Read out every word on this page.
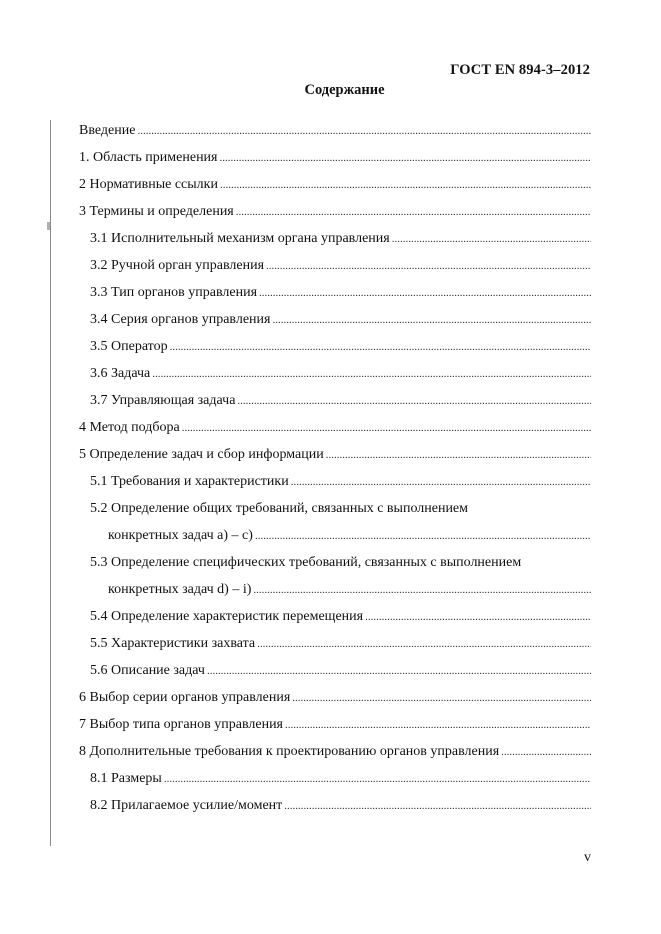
ГОСТ EN 894-3–2012
Содержание
Введение
.....
1. Область применения
.....
2 Нормативные ссылки
.....
3 Термины и определения
.....
3.1 Исполнительный механизм органа управления
.....
3.2 Ручной орган управления
.....
3.3 Тип органов управления
.....
3.4 Серия органов управления
.....
3.5 Оператор
.....
3.6 Задача
.....
3.7 Управляющая задача
.....
4 Метод подбора
.....
5 Определение задач и сбор информации
.....
5.1 Требования и характеристики
.....
5.2 Определение общих требований, связанных с выполнением
конкретных задач a) – c)
.....
5.3 Определение специфических требований, связанных с выполнением
конкретных задач d) – i)
.....
5.4 Определение характеристик перемещения
.....
5.5 Характеристики захвата
.....
5.6 Описание задач
.....
6 Выбор серии органов управления
.....
7 Выбор типа органов управления
.....
8 Дополнительные требования к проектированию органов управления
.....
8.1 Размеры
.....
8.2 Прилагаемое усилие/момент
.....
v
